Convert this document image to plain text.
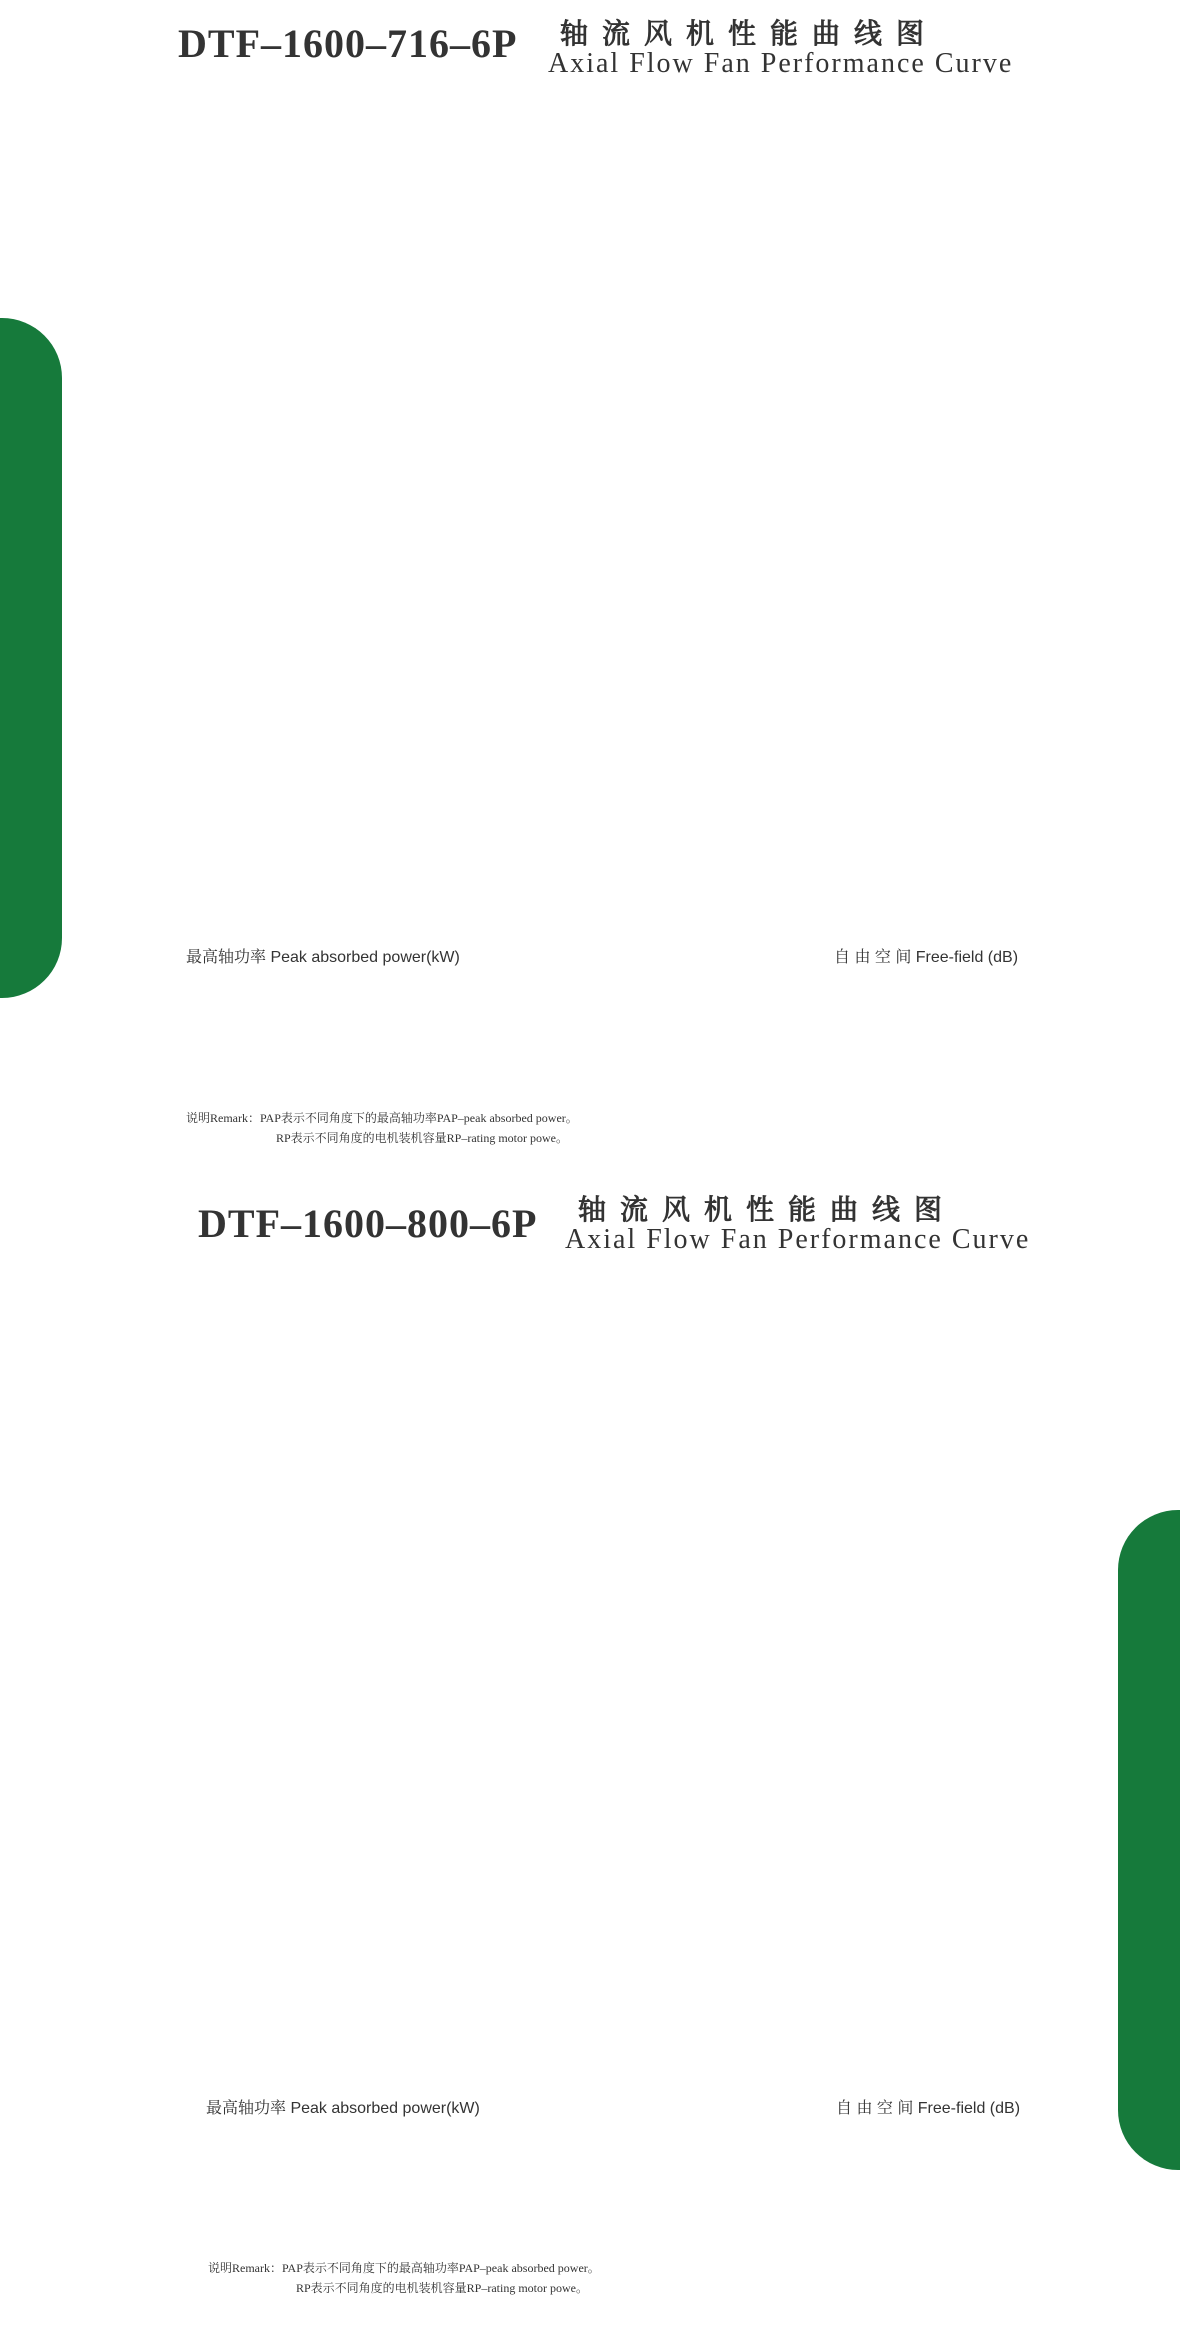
DTF–1600–716–6P 轴流风机性能曲线图
Axial Flow Fan Performance Curve
最高轴功率 Peak absorbed power(kW)	自 由 空 间 Free-field (dB)
说明Remark：PAP表示不同角度下的最高轴功率PAP–peak absorbed power。
RP表示不同角度的电机装机容量RP–rating motor powe。
DTF–1600–800–6P 轴流风机性能曲线图
Axial Flow Fan Performance Curve
最高轴功率 Peak absorbed power(kW)	自 由 空 间 Free-field (dB)
说明Remark：PAP表示不同角度下的最高轴功率PAP–peak absorbed power。
RP表示不同角度的电机装机容量RP–rating motor powe。
